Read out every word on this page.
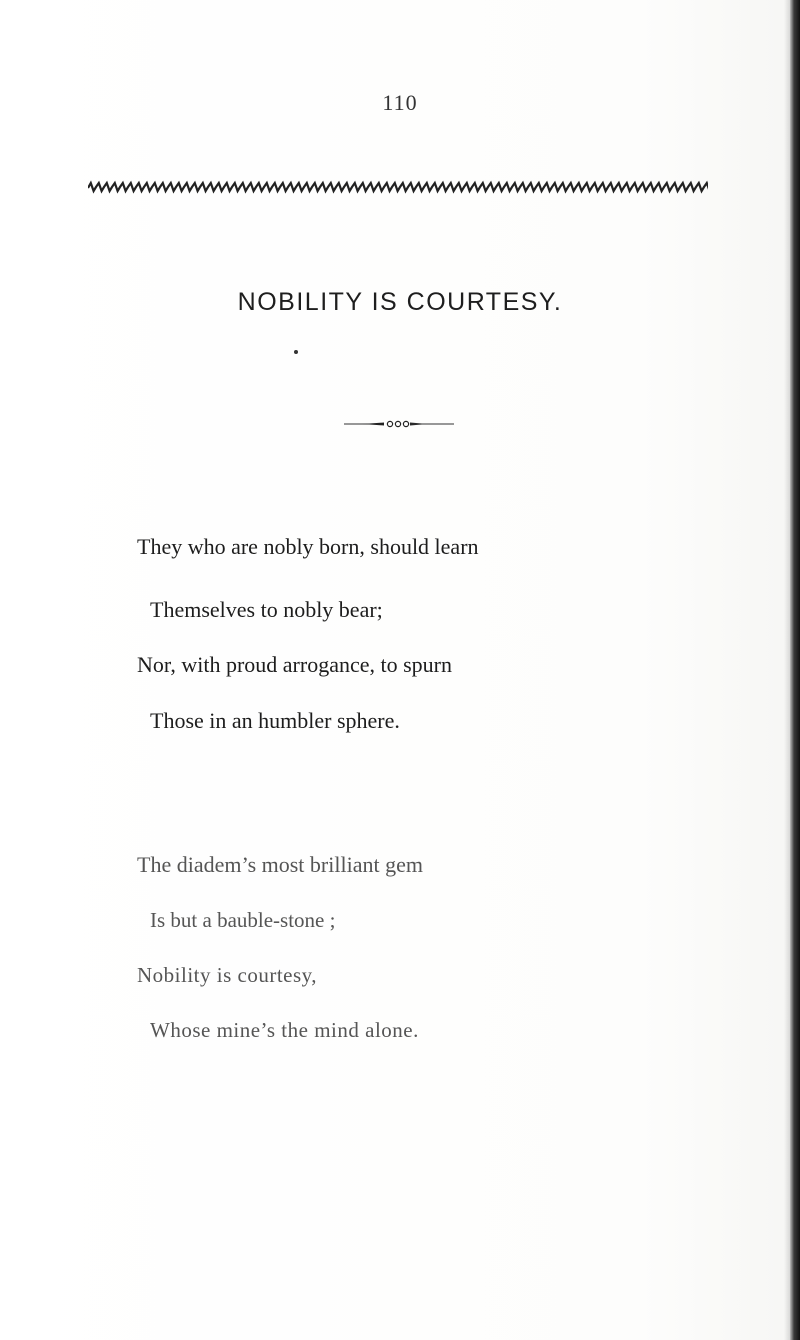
110
NOBILITY IS COURTESY.
They who are nobly born, should learn
Themselves to nobly bear;
Nor, with proud arrogance, to spurn
Those in an humbler sphere.
The diadem’s most brilliant gem
Is but a bauble-stone ;
Nobility is courtesy,
Whose mine’s the mind alone.
